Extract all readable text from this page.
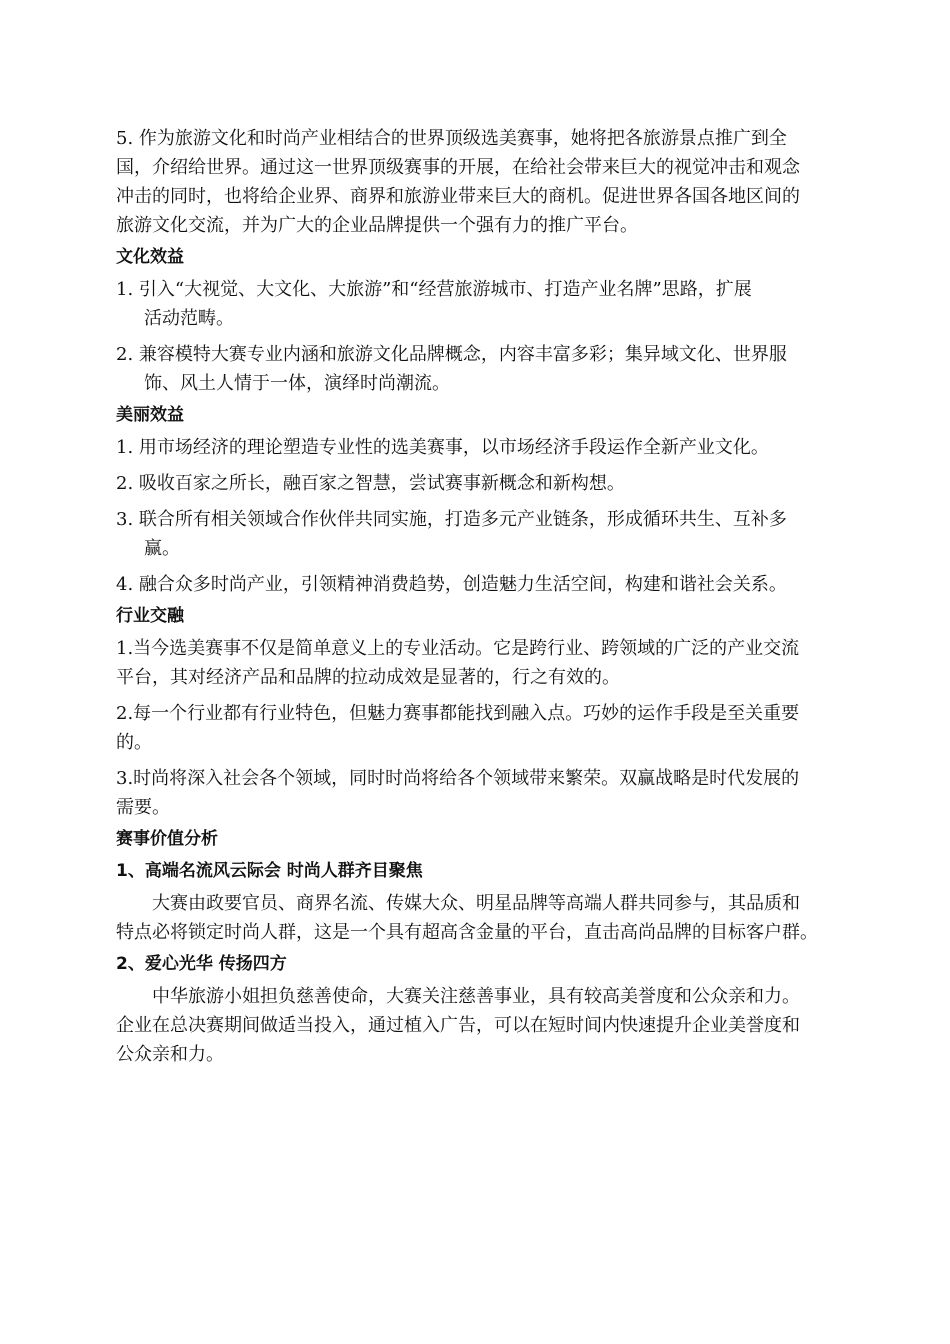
5. 作为旅游文化和时尚产业相结合的世界顶级选美赛事，她将把各旅游景点推广到全

国，介绍给世界。通过这一世界顶级赛事的开展，在给社会带来巨大的视觉冲击和观念

冲击的同时，也将给企业界、商界和旅游业带来巨大的商机。促进世界各国各地区间的

旅游文化交流，并为广大的企业品牌提供一个强有力的推广平台。

文化效益

1. 引入“大视觉、大文化、大旅游”和“经营旅游城市、打造产业名牌”思路，扩展

活动范畴。

2. 兼容模特大赛专业内涵和旅游文化品牌概念，内容丰富多彩；集异域文化、世界服

饰、风土人情于一体，演绎时尚潮流。

美丽效益

1. 用市场经济的理论塑造专业性的选美赛事，以市场经济手段运作全新产业文化。

2. 吸收百家之所长，融百家之智慧，尝试赛事新概念和新构想。

3. 联合所有相关领域合作伙伴共同实施，打造多元产业链条，形成循环共生、互补多

赢。

4. 融合众多时尚产业，引领精神消费趋势，创造魅力生活空间，构建和谐社会关系。

行业交融

1.当今选美赛事不仅是简单意义上的专业活动。它是跨行业、跨领域的广泛的产业交流

平台，其对经济产品和品牌的拉动成效是显著的，行之有效的。

2.每一个行业都有行业特色，但魅力赛事都能找到融入点。巧妙的运作手段是至关重要

的。

3.时尚将深入社会各个领域，同时时尚将给各个领域带来繁荣。双赢战略是时代发展的

需要。

赛事价值分析
1、高端名流风云际会 时尚人群齐目聚焦

大赛由政要官员、商界名流、传媒大众、明星品牌等高端人群共同参与，其品质和

特点必将锁定时尚人群，这是一个具有超高含金量的平台，直击高尚品牌的目标客户群。

2、爱心光华 传扬四方

中华旅游小姐担负慈善使命，大赛关注慈善事业，具有较高美誉度和公众亲和力。

企业在总决赛期间做适当投入，通过植入广告，可以在短时间内快速提升企业美誉度和

公众亲和力。
